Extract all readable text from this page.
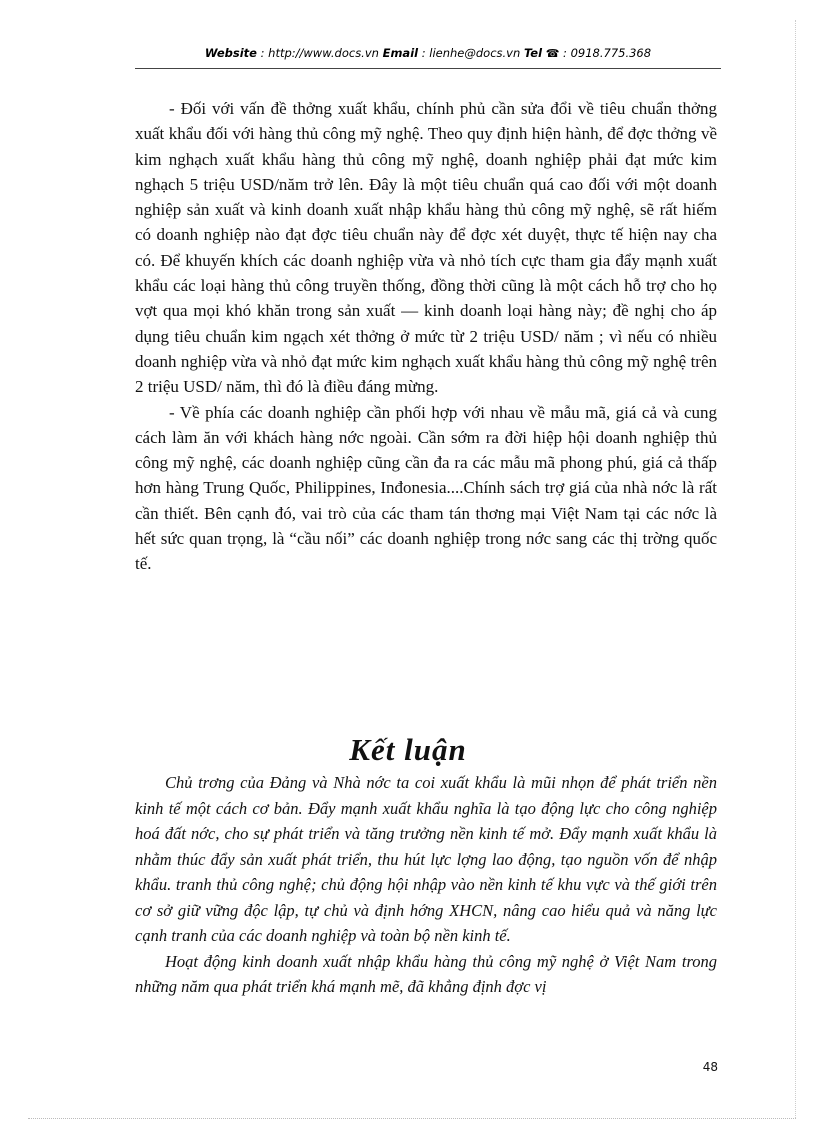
Website : http://www.docs.vn Email : lienhe@docs.vn Tel ☎ : 0918.775.368

- Đối với vấn đề thởng xuất khẩu, chính phủ cần sửa đổi về tiêu chuẩn thởng xuất khẩu đối với hàng thủ công mỹ nghệ. Theo quy định hiện hành, để đợc thởng về kim nghạch xuất khẩu hàng thủ công mỹ nghệ, doanh nghiệp phải đạt mức kim nghạch 5 triệu USD/năm trở lên. Đây là một tiêu chuẩn quá cao đối với một doanh nghiệp sản xuất và kinh doanh xuất nhập khẩu hàng thủ công mỹ nghệ, sẽ rất hiếm có doanh nghiệp nào đạt đợc tiêu chuẩn này để đợc xét duyệt, thực tế hiện nay cha có. Để khuyến khích các doanh nghiệp vừa và nhỏ tích cực tham gia đẩy mạnh xuất khẩu các loại hàng thủ công truyền thống, đồng thời cũng là một cách hỗ trợ cho họ vợt qua mọi khó khăn trong sản xuất — kinh doanh loại hàng này; đề nghị cho áp dụng tiêu chuẩn kim ngạch xét thởng ở mức từ 2 triệu USD/ năm ; vì nếu có nhiều doanh nghiệp vừa và nhỏ đạt mức kim nghạch xuất khẩu hàng thủ công mỹ nghệ trên 2 triệu USD/ năm, thì đó là điều đáng mừng.

- Về phía các doanh nghiệp cần phối hợp với nhau về mẫu mã, giá cả và cung cách làm ăn với khách hàng nớc ngoài. Cần sớm ra đời hiệp hội doanh nghiệp thủ công mỹ nghệ, các doanh nghiệp cũng cần đa ra các mẫu mã phong phú, giá cả thấp hơn hàng Trung Quốc, Philippines, Inđonesia....Chính sách trợ giá của nhà nớc là rất cần thiết. Bên cạnh đó, vai trò của các tham tán thơng mại Việt Nam tại các nớc là hết sức quan trọng, là “cầu nối” các doanh nghiệp trong nớc sang các thị trờng quốc tế.

Kết luận

Chủ trơng của Đảng và Nhà nớc ta coi xuất khẩu là mũi nhọn để phát triển nền kinh tế một cách cơ bản. Đẩy mạnh xuất khẩu nghĩa là tạo động lực cho công nghiệp hoá đất nớc, cho sự phát triển và tăng trưởng nền kinh tế mở. Đẩy mạnh xuất khẩu là nhằm thúc đẩy sản xuất phát triển, thu hút lực lợng lao động, tạo nguồn vốn để nhập khẩu. tranh thủ công nghệ; chủ động hội nhập vào nền kinh tế khu vực và thế giới trên cơ sở giữ vững độc lập, tự chủ và định hớng XHCN, nâng cao hiểu quả và năng lực cạnh tranh của các doanh nghiệp và toàn bộ nền kinh tế.

Hoạt động kinh doanh xuất nhập khẩu hàng thủ công mỹ nghệ ở Việt Nam trong những năm qua phát triển khá mạnh mẽ, đã khẳng định đợc vị

48
